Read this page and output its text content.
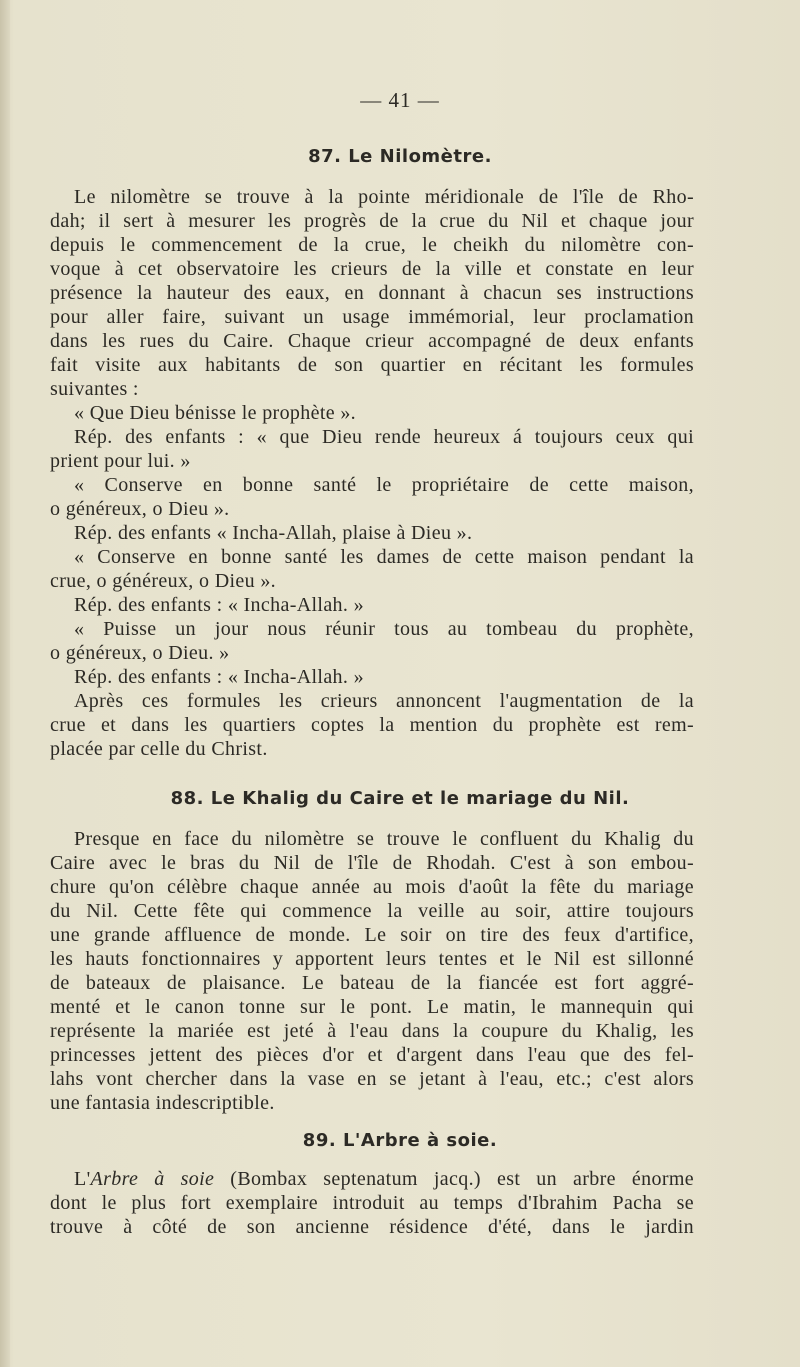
— 41 —
87. Le Nilomètre.
Le nilomètre se trouve à la pointe méridionale de l'île de Rho-
dah; il sert à mesurer les progrès de la crue du Nil et chaque jour
depuis le commencement de la crue, le cheikh du nilomètre con-
voque à cet observatoire les crieurs de la ville et constate en leur
présence la hauteur des eaux, en donnant à chacun ses instructions
pour aller faire, suivant un usage immémorial, leur proclamation
dans les rues du Caire. Chaque crieur accompagné de deux enfants
fait visite aux habitants de son quartier en récitant les formules
suivantes :
« Que Dieu bénisse le prophète ».
Rép. des enfants : « que Dieu rende heureux á toujours ceux qui
prient pour lui. »
« Conserve en bonne santé le propriétaire de cette maison,
o généreux, o Dieu ».
Rép. des enfants « Incha-Allah, plaise à Dieu ».
« Conserve en bonne santé les dames de cette maison pendant la
crue, o généreux, o Dieu ».
Rép. des enfants : « Incha-Allah. »
« Puisse un jour nous réunir tous au tombeau du prophète,
o généreux, o Dieu. »
Rép. des enfants : « Incha-Allah. »
Après ces formules les crieurs annoncent l'augmentation de la
crue et dans les quartiers coptes la mention du prophète est rem-
placée par celle du Christ.
88. Le Khalig du Caire et le mariage du Nil.
Presque en face du nilomètre se trouve le confluent du Khalig du
Caire avec le bras du Nil de l'île de Rhodah. C'est à son embou-
chure qu'on célèbre chaque année au mois d'août la fête du mariage
du Nil. Cette fête qui commence la veille au soir, attire toujours
une grande affluence de monde. Le soir on tire des feux d'artifice,
les hauts fonctionnaires y apportent leurs tentes et le Nil est sillonné
de bateaux de plaisance. Le bateau de la fiancée est fort aggré-
menté et le canon tonne sur le pont. Le matin, le mannequin qui
représente la mariée est jeté à l'eau dans la coupure du Khalig, les
princesses jettent des pièces d'or et d'argent dans l'eau que des fel-
lahs vont chercher dans la vase en se jetant à l'eau, etc.; c'est alors
une fantasia indescriptible.
89. L'Arbre à soie.
L'Arbre à soie (Bombax septenatum jacq.) est un arbre énorme
dont le plus fort exemplaire introduit au temps d'Ibrahim Pacha se
trouve à côté de son ancienne résidence d'été, dans le jardin
